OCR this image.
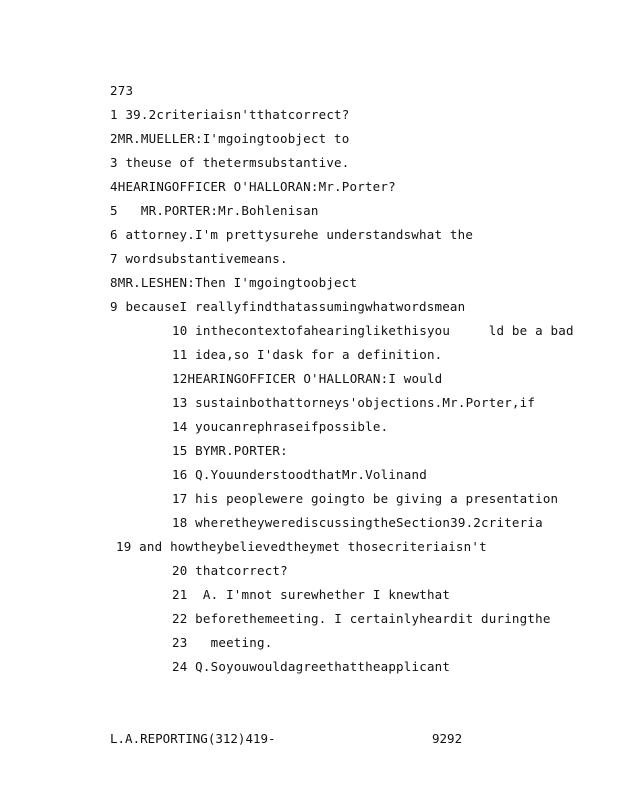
273
1 39.2criteriaisn'tthatcorrect?
2MR.MUELLER:I'mgoingtoobject to
3 theuse of thetermsubstantive.
4HEARINGOFFICER O'HALLORAN:Mr.Porter?
5   MR.PORTER:Mr.Bohlenisan
6 attorney.I'm prettysurehe understandswhat the
7 wordsubstantivemeans.
8MR.LESHEN:Then I'mgoingtoobject
9 becauseI reallyfindthatassumingwhatwordsmean
10 inthecontextofahearinglikethisyou     ld be a bad
11 idea,so I'dask for a definition.
12HEARINGOFFICER O'HALLORAN:I would
13 sustainbothattorneys'objections.Mr.Porter,if
14 youcanrephraseifpossible.
15 BYMR.PORTER:
16 Q.YouunderstoodthatMr.Volinand
17 his peoplewere goingto be giving a presentation
18 wheretheywerediscussingtheSection39.2criteria
19 and howtheybelievedtheymet thosecriteriaisn't
20 thatcorrect?
21  A. I'mnot surewhether I knewthat
22 beforethemeeting. I certainlyheardit duringthe
23   meeting.
24 Q.Soyouwouldagreethattheapplicant
L.A.REPORTING(312)419-	9292
